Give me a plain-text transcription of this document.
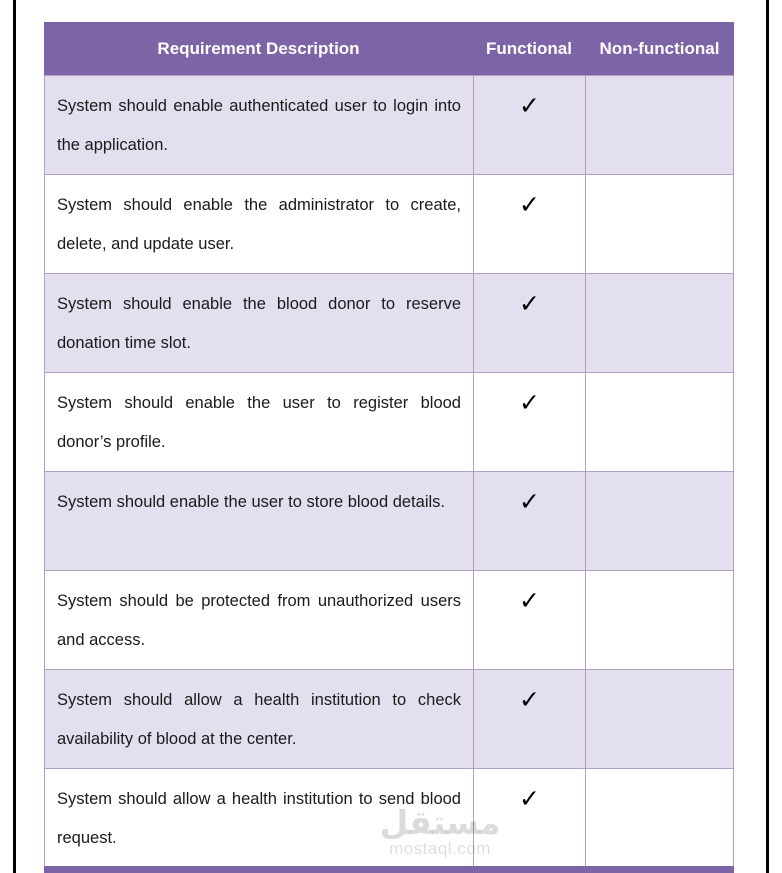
Requirement Description	Functional	Non-functional
System should enable authenticated user to login into the application.	✓	
System should enable the administrator to create, delete, and update user.	✓	
System should enable the blood donor to reserve donation time slot.	✓	
System should enable the user to register blood donor’s profile.	✓	
System should enable the user to store blood details.	✓	
System should be protected from unauthorized users and access.	✓	
System should allow a health institution to check availability of blood at the center.	✓	
System should allow a health institution to send blood request.	✓	
